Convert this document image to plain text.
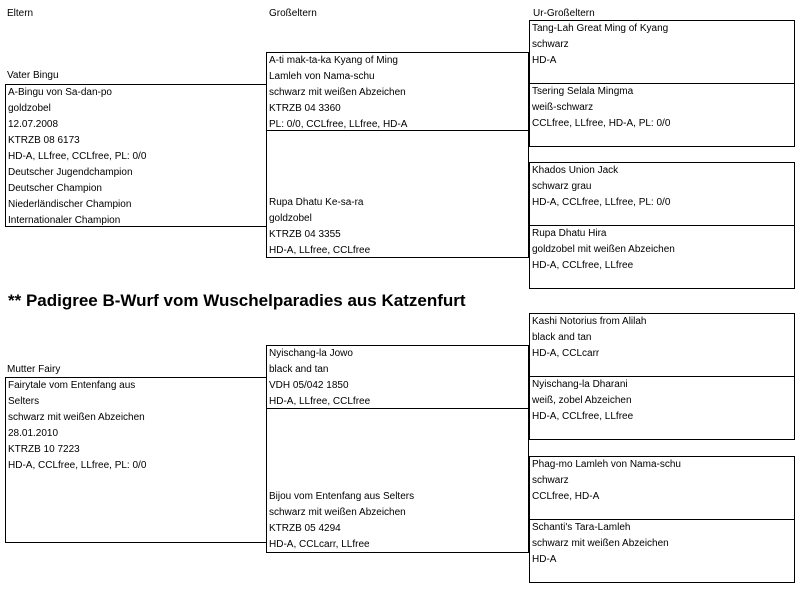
Eltern	Großeltern	Ur-Großeltern
Vater Bingu
A-Bingu von Sa-dan-po
goldzobel
12.07.2008
KTRZB 08 6173
HD-A, LLfree, CCLfree, PL: 0/0
Deutscher Jugendchampion
Deutscher Champion
Niederländischer Champion
Internationaler Champion
A-ti mak-ta-ka Kyang of Ming
Lamleh von Nama-schu
schwarz mit weißen Abzeichen
KTRZB 04 3360
PL: 0/0, CCLfree, LLfree, HD-A
Rupa Dhatu Ke-sa-ra
goldzobel
KTRZB 04 3355
HD-A, LLfree, CCLfree
Tang-Lah Great Ming of Kyang
schwarz
HD-A
Tsering Selala Mingma
weiß-schwarz
CCLfree, LLfree, HD-A, PL: 0/0
Khados Union Jack
schwarz grau
HD-A, CCLfree, LLfree, PL: 0/0
Rupa Dhatu Hira
goldzobel mit weißen Abzeichen
HD-A, CCLfree, LLfree
** Padigree B-Wurf vom Wuschelparadies aus Katzenfurt
Mutter Fairy
Fairytale vom Entenfang aus
Selters
schwarz mit weißen Abzeichen
28.01.2010
KTRZB 10 7223
HD-A, CCLfree, LLfree, PL: 0/0
Nyischang-la Jowo
black and tan
VDH 05/042 1850
HD-A, LLfree, CCLfree
Bijou vom Entenfang aus Selters
schwarz mit weißen Abzeichen
KTRZB 05 4294
HD-A, CCLcarr, LLfree
Kashi Notorius from Alilah
black and tan
HD-A, CCLcarr
Nyischang-la Dharani
weiß, zobel Abzeichen
HD-A, CCLfree, LLfree
Phag-mo Lamleh von Nama-schu
schwarz
CCLfree, HD-A
Schanti's Tara-Lamleh
schwarz mit weißen Abzeichen
HD-A
